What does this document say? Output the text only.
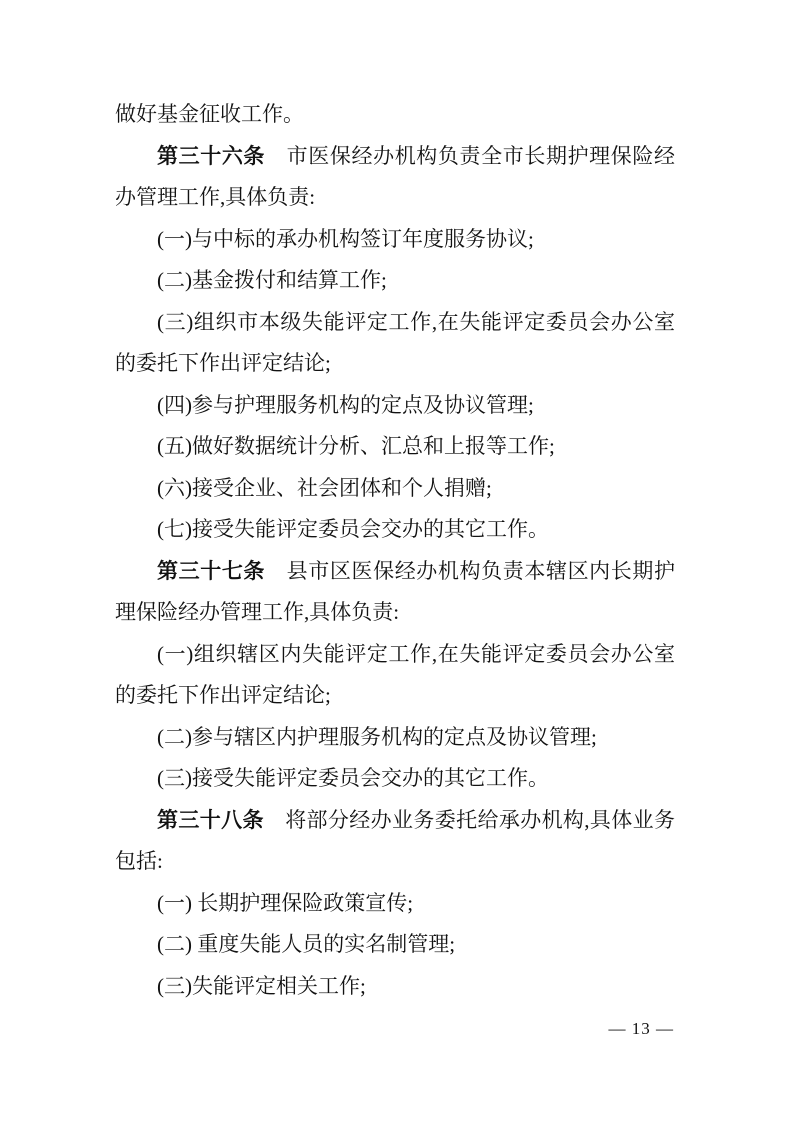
做好基金征收工作。

第三十六条　市医保经办机构负责全市长期护理保险经办管理工作,具体负责:

(一)与中标的承办机构签订年度服务协议;

(二)基金拨付和结算工作;

(三)组织市本级失能评定工作,在失能评定委员会办公室的委托下作出评定结论;

(四)参与护理服务机构的定点及协议管理;

(五)做好数据统计分析、汇总和上报等工作;

(六)接受企业、社会团体和个人捐赠;

(七)接受失能评定委员会交办的其它工作。

第三十七条　县市区医保经办机构负责本辖区内长期护理保险经办管理工作,具体负责:

(一)组织辖区内失能评定工作,在失能评定委员会办公室的委托下作出评定结论;

(二)参与辖区内护理服务机构的定点及协议管理;

(三)接受失能评定委员会交办的其它工作。

第三十八条　将部分经办业务委托给承办机构,具体业务包括:

(一) 长期护理保险政策宣传;

(二) 重度失能人员的实名制管理;

(三)失能评定相关工作;

— 13 —
